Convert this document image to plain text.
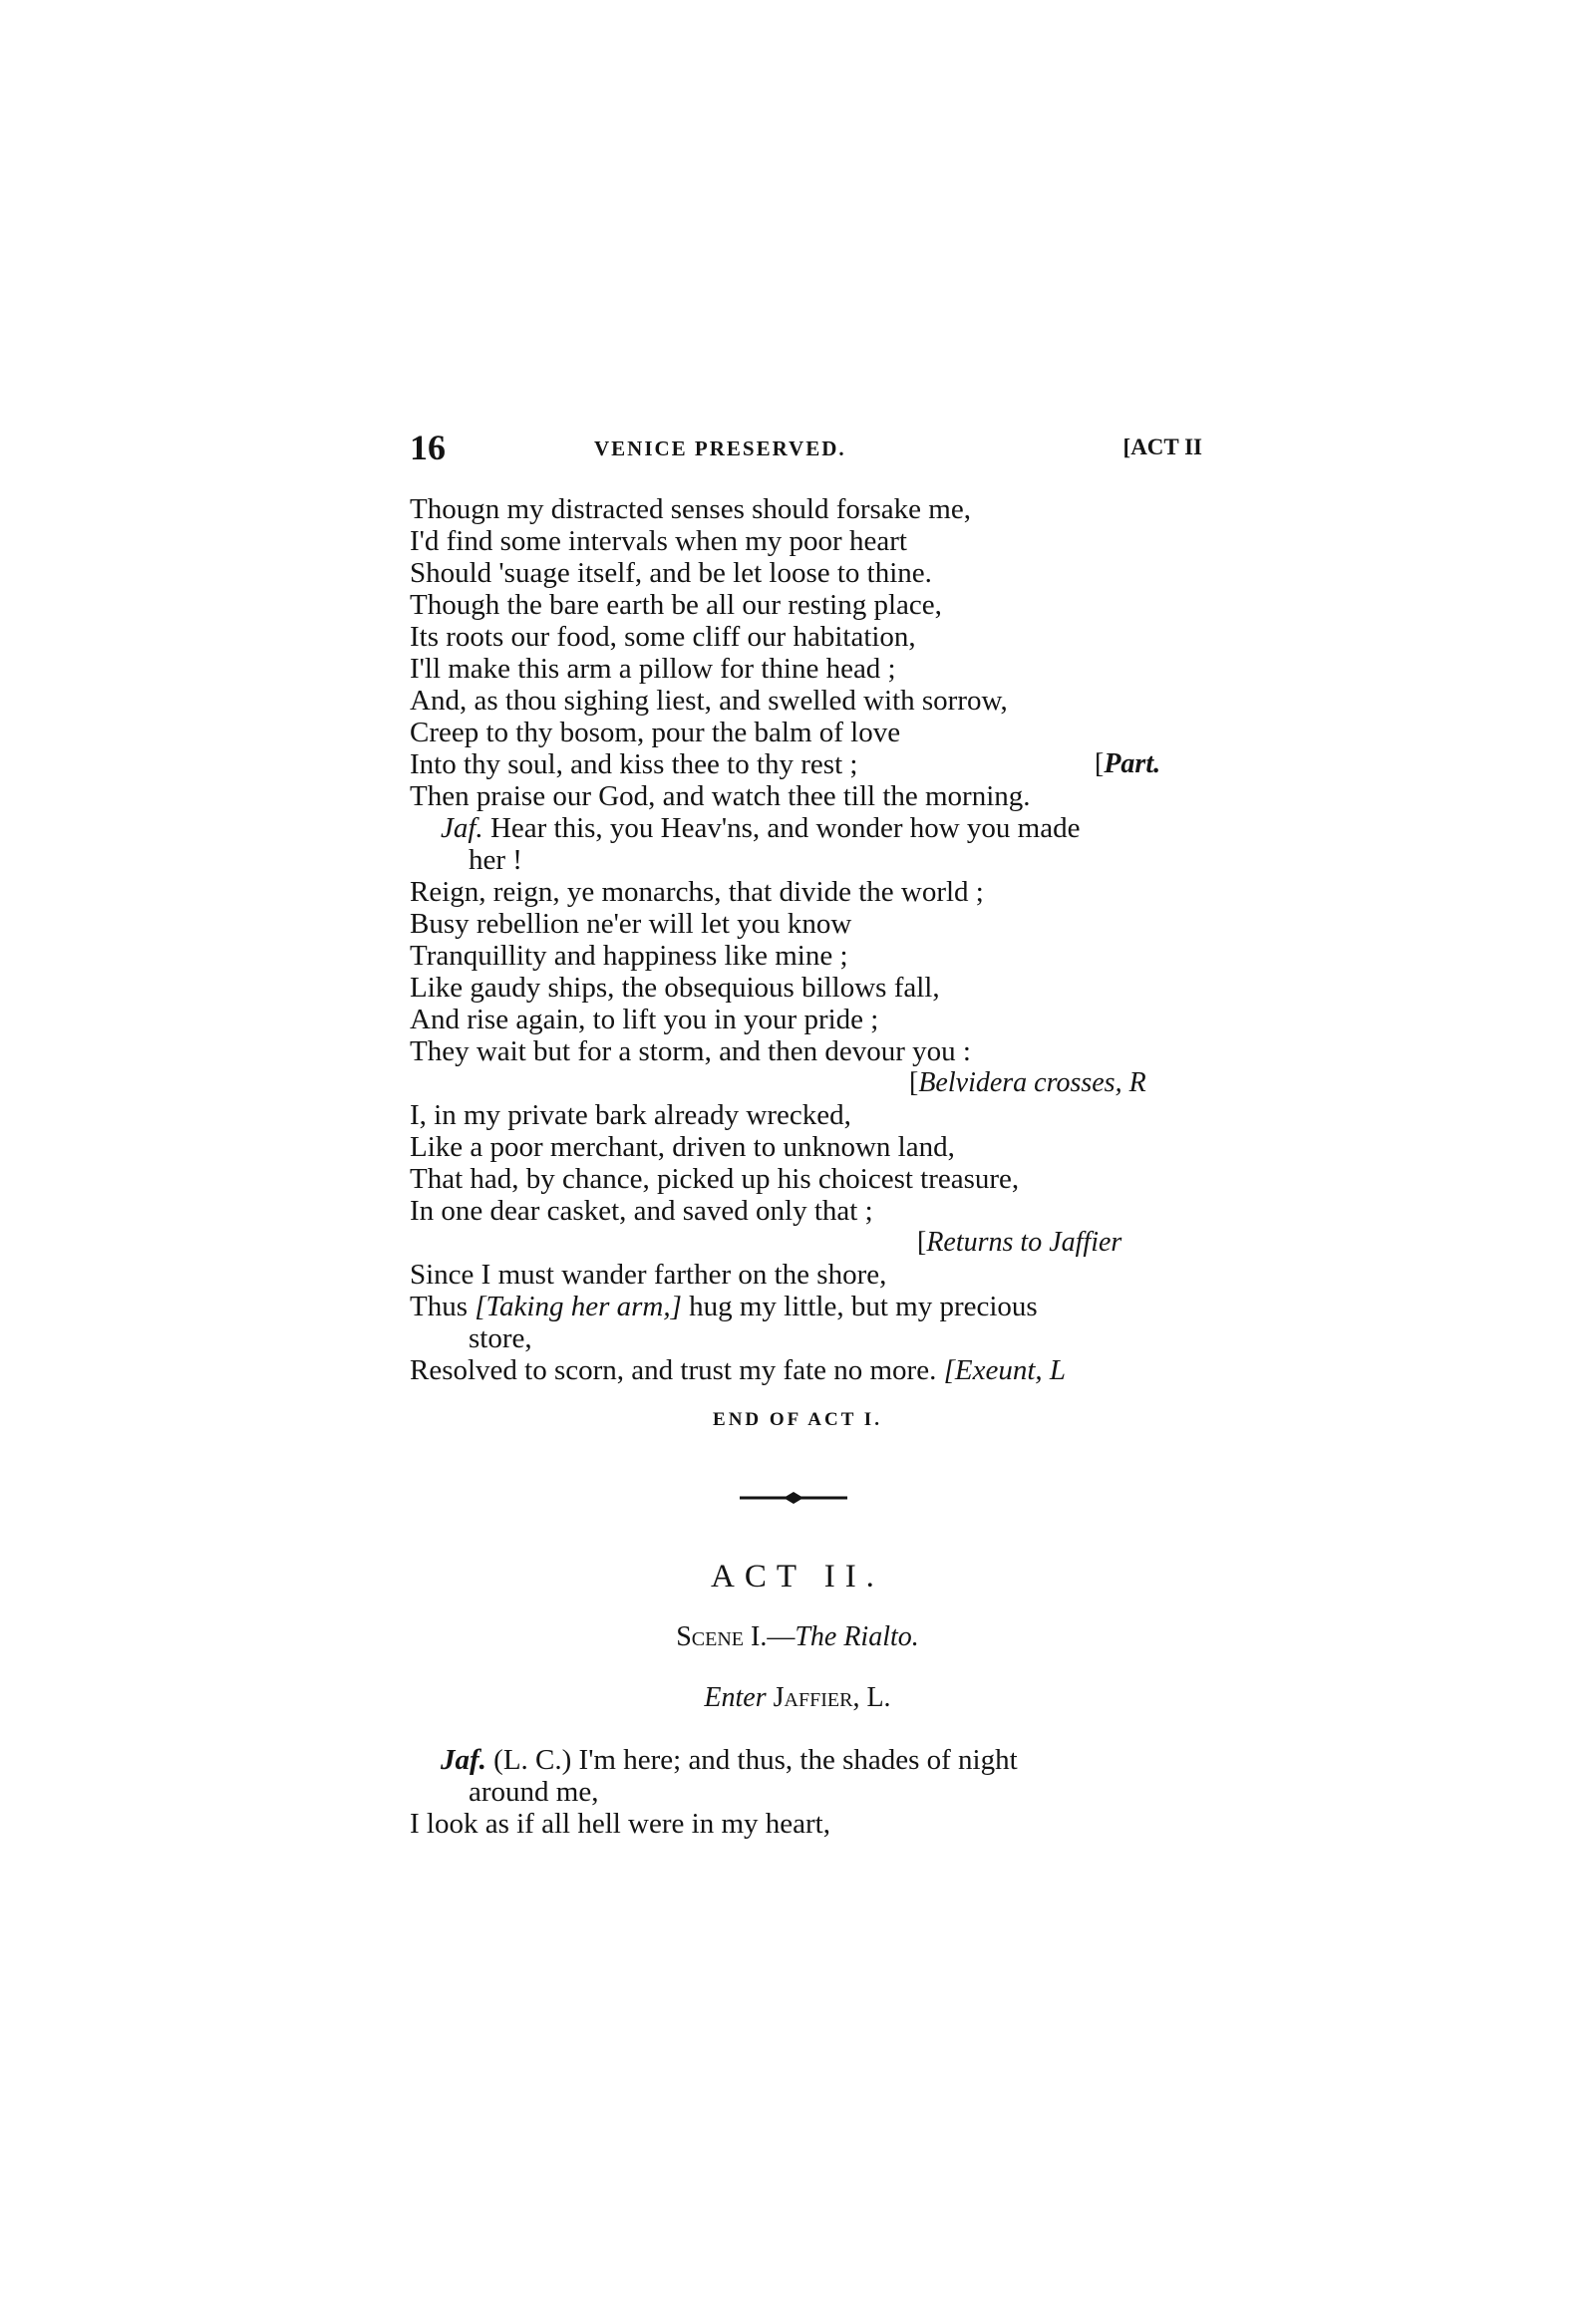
16	VENICE PRESERVED.	[ACT II
Thougn my distracted senses should forsake me,
I'd find some intervals when my poor heart
Should 'suage itself, and be let loose to thine.
Though the bare earth be all our resting place,
Its roots our food, some cliff our habitation,
I'll make this arm a pillow for thine head ;
And, as thou sighing liest, and swelled with sorrow,
Creep to thy bosom, pour the balm of love
Into thy soul, and kiss thee to thy rest ;	[Part.
Then praise our God, and watch thee till the morning.
Jaf. Hear this, you Heav'ns, and wonder how you made
her !
Reign, reign, ye monarchs, that divide the world ;
Busy rebellion ne'er will let you know
Tranquillity and happiness like mine ;
Like gaudy ships, the obsequious billows fall,
And rise again, to lift you in your pride ;
They wait but for a storm, and then devour you :
[Belvidera crosses, R
I, in my private bark already wrecked,
Like a poor merchant, driven to unknown land,
That had, by chance, picked up his choicest treasure,
In one dear casket, and saved only that ;
[Returns to Jaffier
Since I must wander farther on the shore,
Thus [Taking her arm,] hug my little, but my precious
store,
Resolved to scorn, and trust my fate no more. [Exeunt, L
END OF ACT I.
ACT II.
Scene I.—The Rialto.
Enter Jaffier, L.
Jaf. (L. C.) I'm here; and thus, the shades of night
around me,
I look as if all hell were in my heart,
